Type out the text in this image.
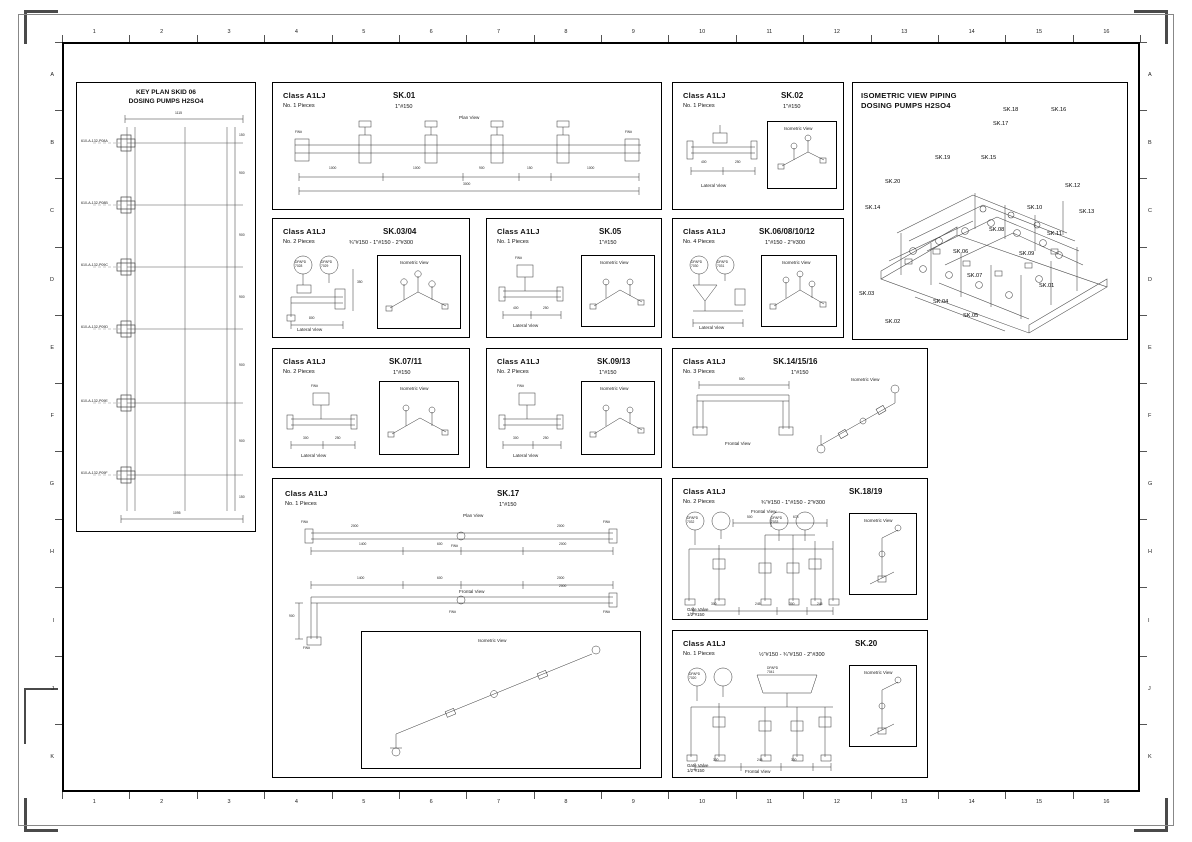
1	2	3	4	5	6	7	8	9	10	11	12	13	14	15	16
1	2	3	4	5	6	7	8	9	10	11	12	13	14	15	16
A
B
C
D
E
F
G
H
I
J
K
A
B
C
D
E
F
G
H
I
J
K
KEY PLAN SKID 06
DOSING PUMPS H2SO4
1115
1095
610-A-132-P08A
610-A-132-P08B
610-A-132-P09C
610-A-132-P09D
610-A-132-P09E
610-A-132-P09F
150
900
900
900
900
900
150
Class A1LJ
No. 1 Pieces
SK.01
1"#150
Plan View
1000	1000	900	150	1000
3000
FW#	FW#
Class A1LJ
No. 1 Pieces
SK.02
1"#150
400	250
Lateral View
Isometric View
ISOMETRIC VIEW PIPING
DOSING PUMPS H2SO4	SK.18	SK.16
SK.17
SK.19	SK.15
SK.20
SK.14
SK.12
SK.13
SK.10
SK.11
SK.08
SK.06	SK.09
SK.07
SK.01
SK.03
SK.04
SK.02
SK.05
Class A1LJ
No. 2 Pieces
SK.03/04
¾"#150 - 1"#150 - 2"#300
DPAPD
7028
DPAPD
7029
800
350
Lateral View
Isometric View
Class A1LJ
No. 1 Pieces
SK.05
1"#150
400	250
FW#
Lateral View
Isometric View
Class A1LJ
No. 4 Pieces
SK.06/08/10/12
1"#150 - 2"#300
DPAPD
7030
DPAPD
7031
Lateral View
Isometric View
Class A1LJ
No. 2 Pieces
SK.07/11
1"#150
300	250
FW#
Lateral View
Isometric View
Class A1LJ
No. 2 Pieces
SK.09/13
1"#150
300	250
FW#
Lateral View
Isometric View
Class A1LJ
No. 3 Pieces
SK.14/15/16
1"#150
500
Frontal View
Isometric View
Class A1LJ
No. 1 Pieces
SK.17
1"#150
Plan View
2000	2000
1400	600	2000
1400	600	2000
2000
900
FW#	FW#
FW#
FW#	FW#
FW#
Frontal View
Isometric View
Class A1LJ
No. 2 Pieces
SK.18/19
¾"#150 - 1"#150 - 2"#300
Frontal View
DPAPD
7032
DPAPD
7033
500	673
300	245	300	245
Gate Valve
1/2"#150
Isometric View
Class A1LJ
No. 1 Pieces
SK.20
½"#150 - ¾"#150 - 2"#300
DPAPD
7020
DPAPD
7041
300	245	300
Gate Valve
1/2"#150	Frontal View
Isometric View
